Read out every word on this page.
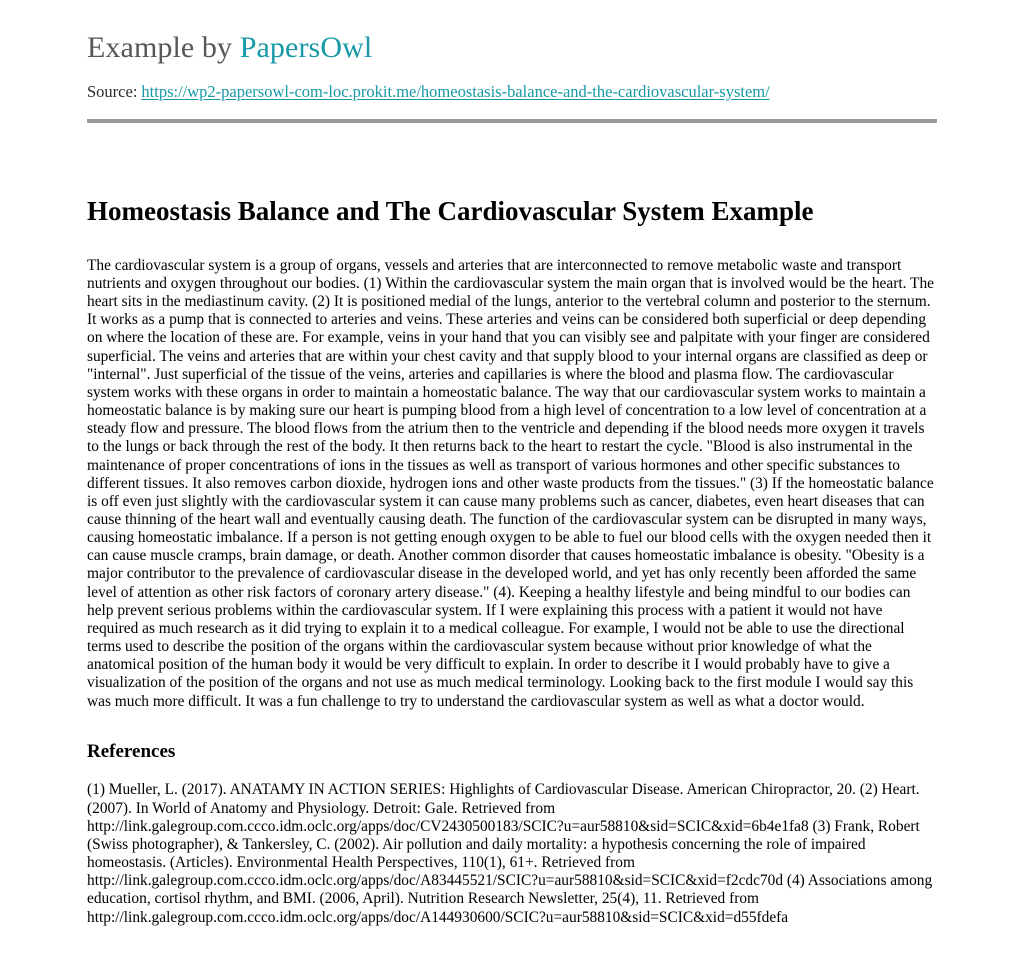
Example by PapersOwl
Source: https://wp2-papersowl-com-loc.prokit.me/homeostasis-balance-and-the-cardiovascular-system/
Homeostasis Balance and The Cardiovascular System Example

The cardiovascular system is a group of organs, vessels and arteries that are interconnected to remove metabolic waste and transport nutrients and oxygen throughout our bodies. (1) Within the cardiovascular system the main organ that is involved would be the heart. The heart sits in the mediastinum cavity. (2) It is positioned medial of the lungs, anterior to the vertebral column and posterior to the sternum. It works as a pump that is connected to arteries and veins. These arteries and veins can be considered both superficial or deep depending on where the location of these are. For example, veins in your hand that you can visibly see and palpitate with your finger are considered superficial. The veins and arteries that are within your chest cavity and that supply blood to your internal organs are classified as deep or "internal". Just superficial of the tissue of the veins, arteries and capillaries is where the blood and plasma flow. The cardiovascular system works with these organs in order to maintain a homeostatic balance. The way that our cardiovascular system works to maintain a homeostatic balance is by making sure our heart is pumping blood from a high level of concentration to a low level of concentration at a steady flow and pressure. The blood flows from the atrium then to the ventricle and depending if the blood needs more oxygen it travels to the lungs or back through the rest of the body. It then returns back to the heart to restart the cycle. "Blood is also instrumental in the maintenance of proper concentrations of ions in the tissues as well as transport of various hormones and other specific substances to different tissues. It also removes carbon dioxide, hydrogen ions and other waste products from the tissues." (3) If the homeostatic balance is off even just slightly with the cardiovascular system it can cause many problems such as cancer, diabetes, even heart diseases that can cause thinning of the heart wall and eventually causing death. The function of the cardiovascular system can be disrupted in many ways, causing homeostatic imbalance. If a person is not getting enough oxygen to be able to fuel our blood cells with the oxygen needed then it can cause muscle cramps, brain damage, or death. Another common disorder that causes homeostatic imbalance is obesity. "Obesity is a major contributor to the prevalence of cardiovascular disease in the developed world, and yet has only recently been afforded the same level of attention as other risk factors of coronary artery disease." (4). Keeping a healthy lifestyle and being mindful to our bodies can help prevent serious problems within the cardiovascular system. If I were explaining this process with a patient it would not have required as much research as it did trying to explain it to a medical colleague. For example, I would not be able to use the directional terms used to describe the position of the organs within the cardiovascular system because without prior knowledge of what the anatomical position of the human body it would be very difficult to explain. In order to describe it I would probably have to give a visualization of the position of the organs and not use as much medical terminology. Looking back to the first module I would say this was much more difficult. It was a fun challenge to try to understand the cardiovascular system as well as what a doctor would.

References

(1) Mueller, L. (2017). ANATAMY IN ACTION SERIES: Highlights of Cardiovascular Disease. American Chiropractor, 20. (2) Heart. (2007). In World of Anatomy and Physiology. Detroit: Gale. Retrieved from http://link.galegroup.com.ccco.idm.oclc.org/apps/doc/CV2430500183/SCIC?u=aur58810&sid=SCIC&xid=6b4e1fa8 (3) Frank, Robert (Swiss photographer), & Tankersley, C. (2002). Air pollution and daily mortality: a hypothesis concerning the role of impaired homeostasis. (Articles). Environmental Health Perspectives, 110(1), 61+. Retrieved from http://link.galegroup.com.ccco.idm.oclc.org/apps/doc/A83445521/SCIC?u=aur58810&sid=SCIC&xid=f2cdc70d (4) Associations among education, cortisol rhythm, and BMI. (2006, April). Nutrition Research Newsletter, 25(4), 11. Retrieved from http://link.galegroup.com.ccco.idm.oclc.org/apps/doc/A144930600/SCIC?u=aur58810&sid=SCIC&xid=d55fdefa
